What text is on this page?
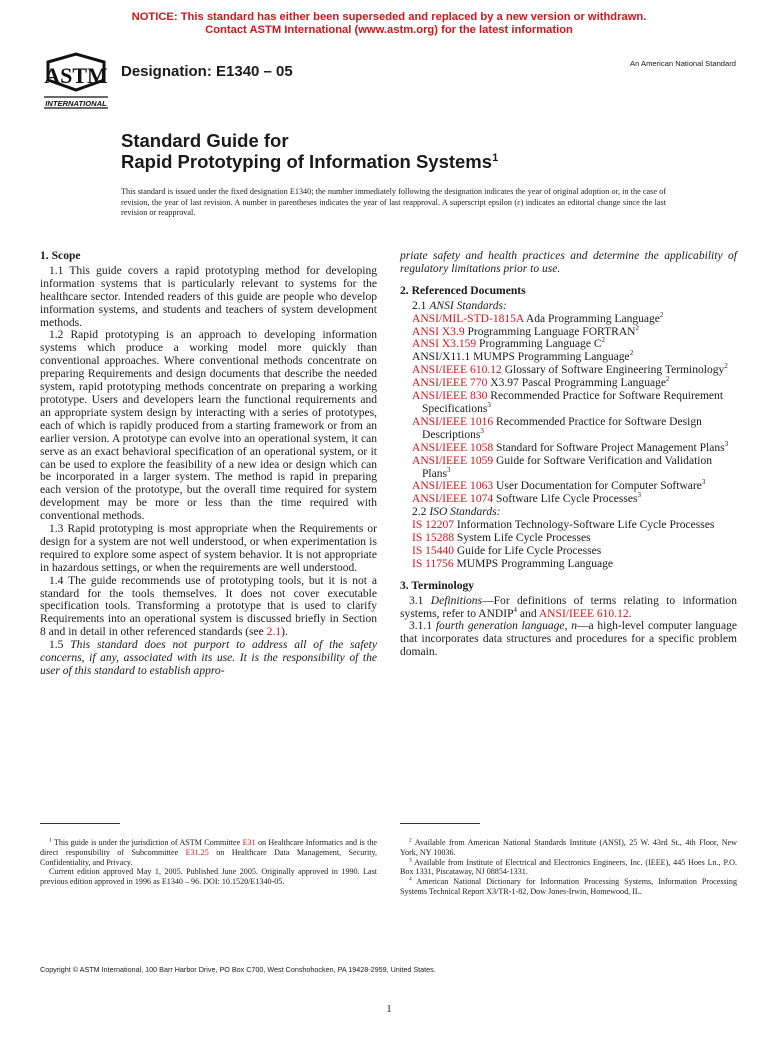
NOTICE: This standard has either been superseded and replaced by a new version or withdrawn.
Contact ASTM International (www.astm.org) for the latest information
ASTM
INTERNATIONAL
Designation: E1340 – 05	An American National Standard
Standard Guide for
Rapid Prototyping of Information Systems$^1$
This standard is issued under the fixed designation E1340; the number immediately following the designation indicates the year of original adoption or, in the case of revision, the year of last revision. A number in parentheses indicates the year of last reapproval. A superscript epsilon (ε) indicates an editorial change since the last revision or reapproval.
1. Scope

1.1 This guide covers a rapid prototyping method for developing information systems that is particularly relevant to systems for the healthcare sector. Intended readers of this guide are people who develop information systems, and students and teachers of system development methods.

1.2 Rapid prototyping is an approach to developing information systems which produce a working model more quickly than conventional approaches. Where conventional methods concentrate on preparing Requirements and design documents that describe the needed system, rapid prototyping methods concentrate on preparing a working prototype. Users and developers learn the functional requirements and an appropriate system design by interacting with a series of prototypes, each of which is rapidly produced from a starting framework or from an earlier version. A prototype can evolve into an operational system, it can serve as an exact behavioral specification of an operational system, or it can be used to explore the feasibility of a new idea or design which can be incorporated in a larger system. The method is rapid in preparing each version of the prototype, but the overall time required for system development may be more or less than the time required with conventional methods.

1.3 Rapid prototyping is most appropriate when the Requirements or design for a system are not well understood, or when experimentation is required to explore some aspect of system behavior. It is not appropriate in hazardous settings, or when the requirements are well understood.

1.4 The guide recommends use of prototyping tools, but it is not a standard for the tools themselves. It does not cover executable specification tools. Transforming a prototype that is used to clarify Requirements into an operational system is discussed briefly in Section 8 and in detail in other referenced standards (see 2.1).

1.5 This standard does not purport to address all of the safety concerns, if any, associated with its use. It is the responsibility of the user of this standard to establish appro-

priate safety and health practices and determine the applicability of regulatory limitations prior to use.

2. Referenced Documents
2.1 ANSI Standards:

ANSI/MIL-STD-1815A Ada Programming Language$^2$

ANSI X3.9 Programming Language FORTRAN$^2$

ANSI X3.159 Programming Language $C^2$

ANSI/X11.1 MUMPS Programming Language$^2$

ANSI/IEEE 610.12 Glossary of Software Engineering Terminology$^2$

ANSI/IEEE 770 X3.97 Pascal Programming Language$^2$

ANSI/IEEE 830 Recommended Practice for Software Requirement Specifications$^3$

ANSI/IEEE 1016 Recommended Practice for Software Design Descriptions$^3$

ANSI/IEEE 1058 Standard for Software Project Management Plans$^3$

ANSI/IEEE 1059 Guide for Software Verification and Validation Plans$^3$

ANSI/IEEE 1063 User Documentation for Computer Software$^3$

ANSI/IEEE 1074 Software Life Cycle Processes$^3$

2.2 ISO Standards:

IS 12207 Information Technology-Software Life Cycle Processes

IS 15288 System Life Cycle Processes

IS 15440 Guide for Life Cycle Processes

IS 11756 MUMPS Programming Language

3. Terminology

3.1 Definitions—For definitions of terms relating to information systems, refer to ANDIP$^4$ and ANSI/IEEE 610.12.

3.1.1 fourth generation language, n—a high-level computer language that incorporates data structures and procedures for a specific problem domain.

$^1$ This guide is under the jurisdiction of ASTM Committee E31 on Healthcare Informatics and is the direct responsibility of Subcommittee E31.25 on Healthcare Data Management, Security, Confidentiality, and Privacy.

Current edition approved May 1, 2005. Published June 2005. Originally approved in 1990. Last previous edition approved in 1996 as E1340 – 96. DOI: 10.1520/E1340-05.

$^2$ Available from American National Standards Institute (ANSI), 25 W. 43rd St., 4th Floor, New York, NY 10036.

$^3$ Available from Institute of Electrical and Electronics Engineers, Inc. (IEEE), 445 Hoes Ln., P.O. Box 1331, Piscataway, NJ 08854-1331.

$^4$ American National Dictionary for Information Processing Systems, Information Processing Systems Technical Report X3/TR-1-82, Dow Jones-Irwin, Homewood, IL.

Copyright © ASTM International, 100 Barr Harbor Drive, PO Box C700, West Conshohocken, PA 19428-2959, United States.
1
